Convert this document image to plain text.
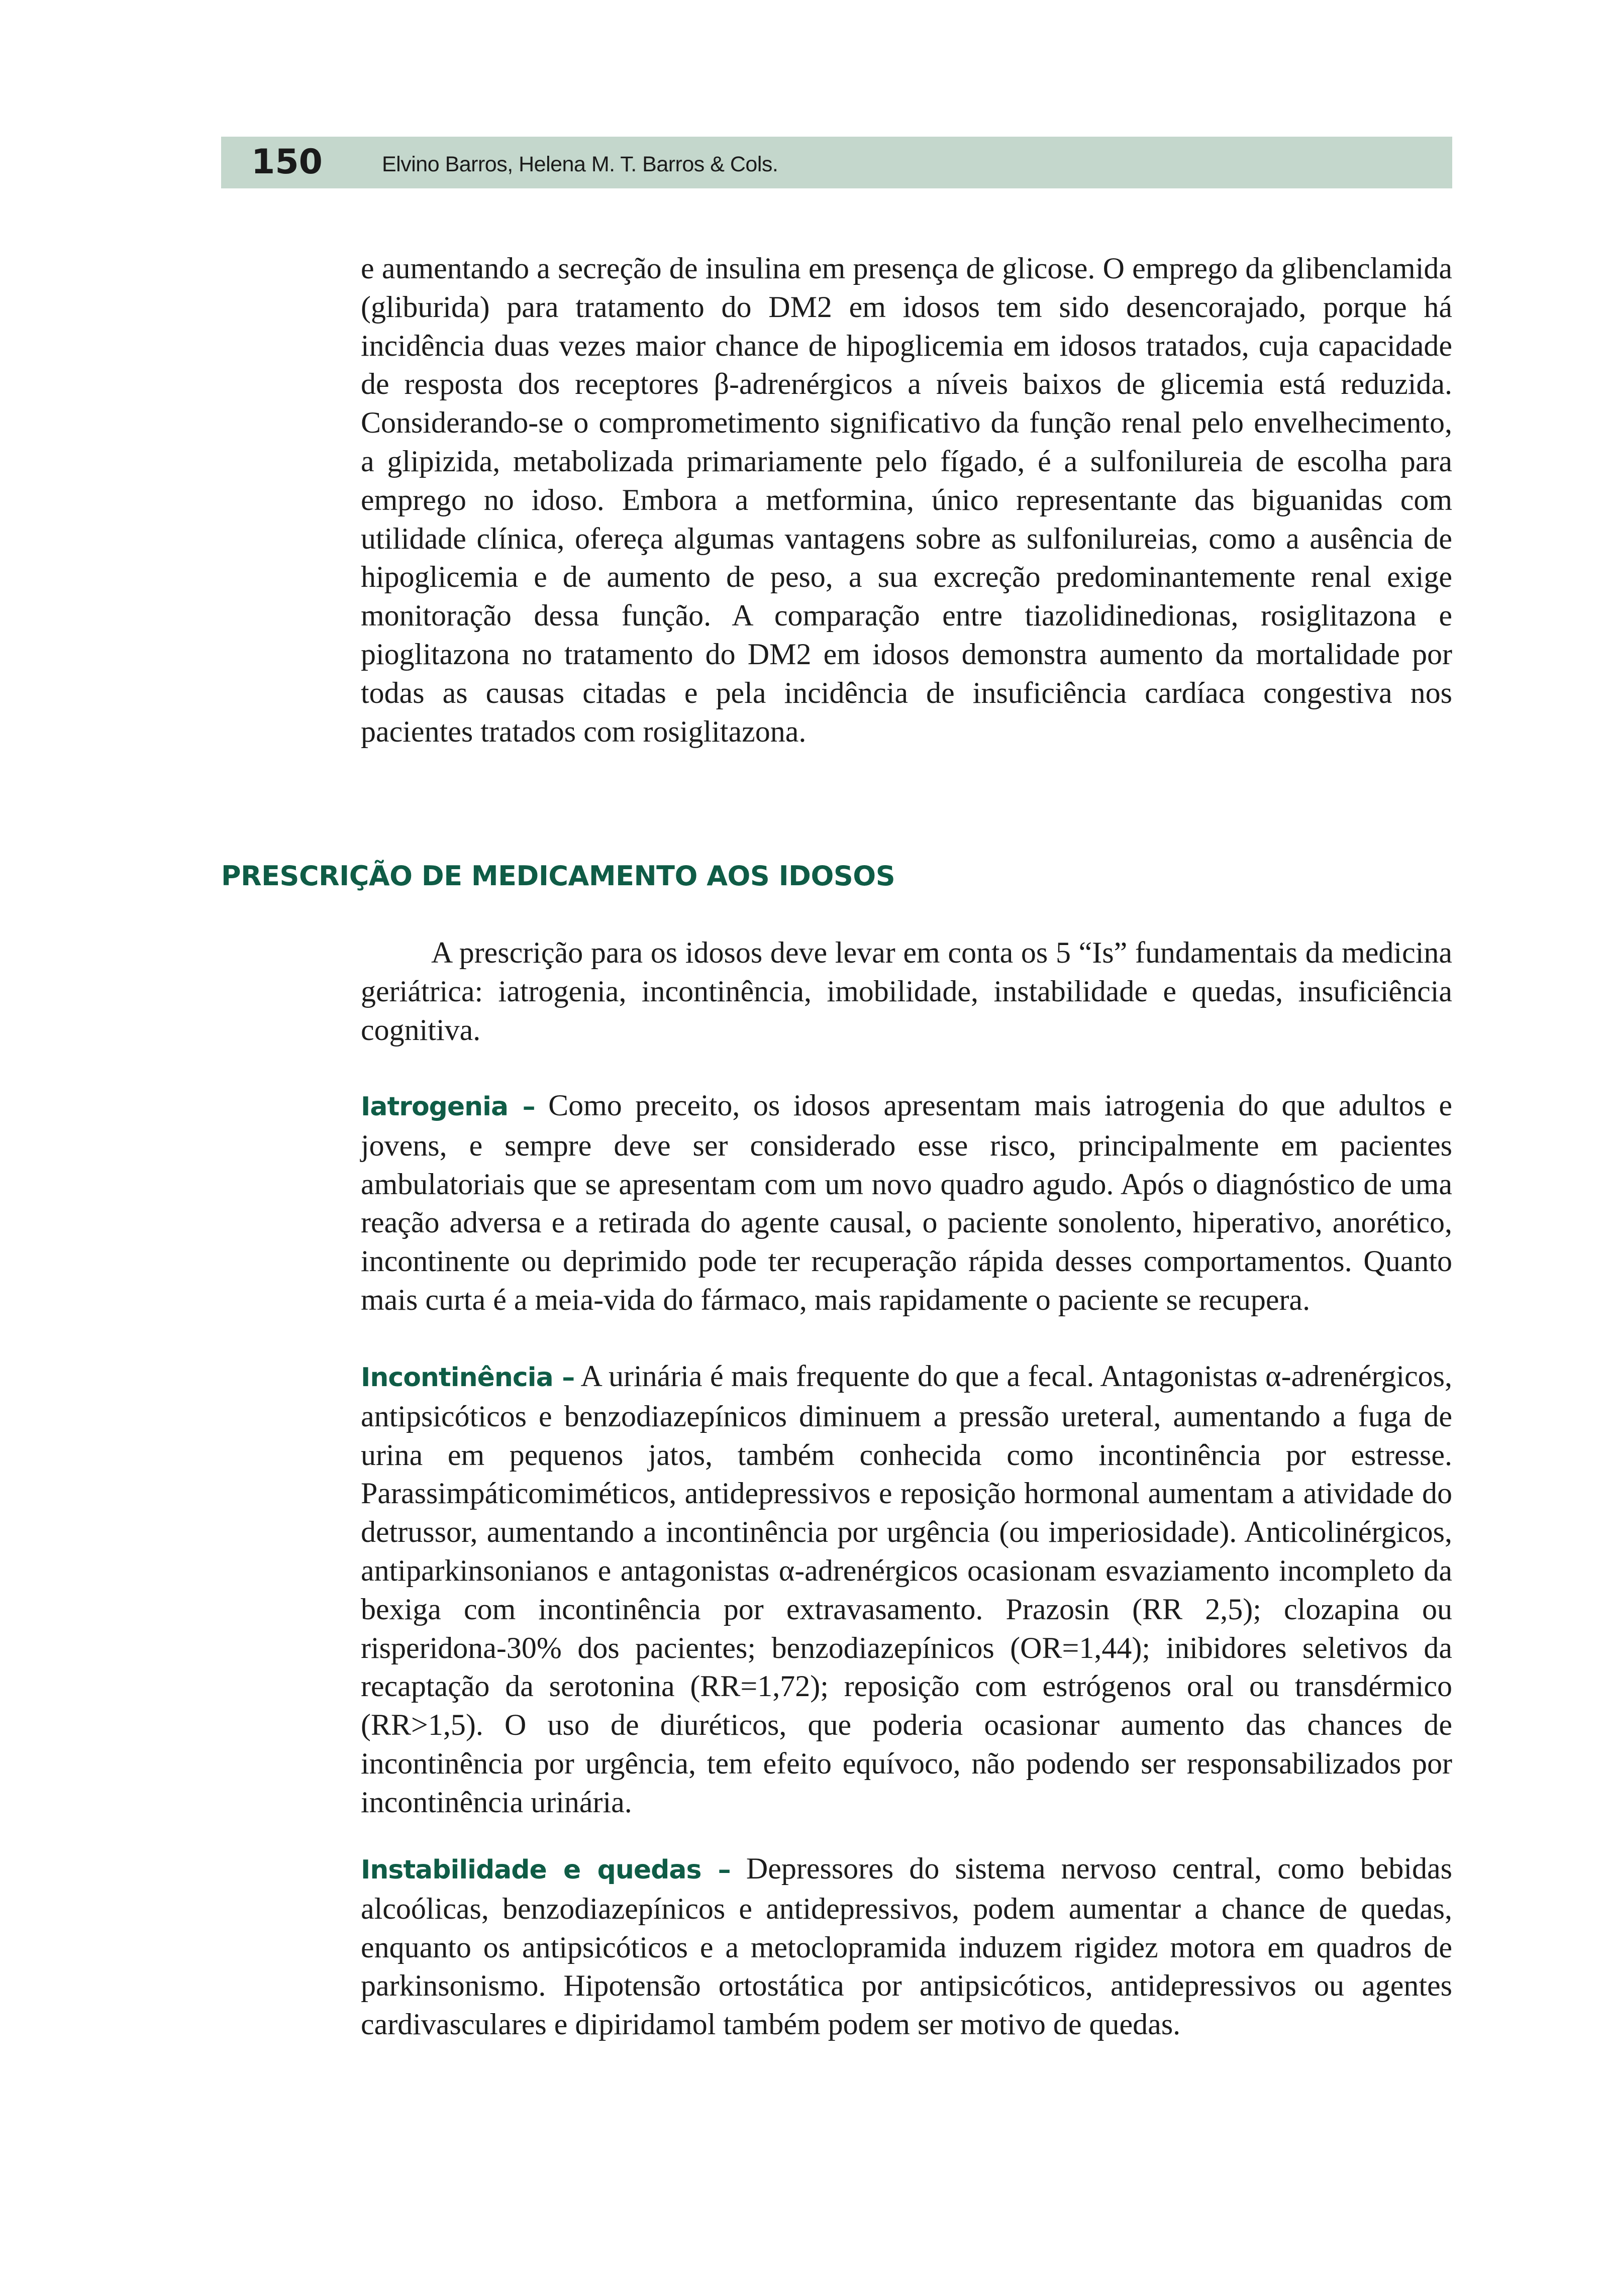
150	Elvino Barros, Helena M. T. Barros & Cols.

e aumentando a secreção de insulina em presença de glicose. O emprego da glibenclamida (gliburida) para tratamento do DM2 em idosos tem sido desencorajado, porque há incidência duas vezes maior chance de hipoglicemia em idosos tratados, cuja capacidade de resposta dos receptores β-adrenérgicos a níveis baixos de glicemia está reduzida. Considerando-se o comprometimento significativo da função renal pelo envelhecimento, a glipizida, metabolizada primariamente pelo fígado, é a sulfonilureia de escolha para emprego no idoso. Embora a metformina, único representante das biguanidas com utilidade clínica, ofereça algumas vantagens sobre as sulfonilureias, como a ausência de hipoglicemia e de aumento de peso, a sua excreção predominantemente renal exige monitoração dessa função. A comparação entre tiazolidinedionas, rosiglitazona e pioglitazona no tratamento do DM2 em idosos demonstra aumento da mortalidade por todas as causas citadas e pela incidência de insuficiência cardíaca congestiva nos pacientes tratados com rosiglitazona.

PRESCRIÇÃO DE MEDICAMENTO AOS IDOSOS

A prescrição para os idosos deve levar em conta os 5 “Is” fundamentais da medicina geriátrica: iatrogenia, incontinência, imobilidade, instabilidade e quedas, insuficiência cognitiva.

Iatrogenia – Como preceito, os idosos apresentam mais iatrogenia do que adultos e jovens, e sempre deve ser considerado esse risco, principalmente em pacientes ambulatoriais que se apresentam com um novo quadro agudo. Após o diagnóstico de uma reação adversa e a retirada do agente causal, o paciente sonolento, hiperativo, anorético, incontinente ou deprimido pode ter recuperação rápida desses comportamentos. Quanto mais curta é a meia-vida do fármaco, mais rapidamente o paciente se recupera.

Incontinência – A urinária é mais frequente do que a fecal. Antagonistas α-adrenérgicos, antipsicóticos e benzodiazepínicos diminuem a pressão ureteral, aumentando a fuga de urina em pequenos jatos, também conhecida como incontinência por estresse. Parassimpáticomiméticos, antidepressivos e reposição hormonal aumentam a atividade do detrussor, aumentando a incontinência por urgência (ou imperiosidade). Anticolinérgicos, antiparkinsonianos e antagonistas α-adrenérgicos ocasionam esvaziamento incompleto da bexiga com incontinência por extravasamento. Prazosin (RR 2,5); clozapina ou risperidona-30% dos pacientes; benzodiazepínicos (OR=1,44); inibidores seletivos da recaptação da serotonina (RR=1,72); reposição com estrógenos oral ou transdérmico (RR>1,5). O uso de diuréticos, que poderia ocasionar aumento das chances de incontinência por urgência, tem efeito equívoco, não podendo ser responsabilizados por incontinência urinária.

Instabilidade e quedas – Depressores do sistema nervoso central, como bebidas alcoólicas, benzodiazepínicos e antidepressivos, podem aumentar a chance de quedas, enquanto os antipsicóticos e a metoclopramida induzem rigidez motora em quadros de parkinsonismo. Hipotensão ortostática por antipsicóticos, antidepressivos ou agentes cardivasculares e dipiridamol também podem ser motivo de quedas.
